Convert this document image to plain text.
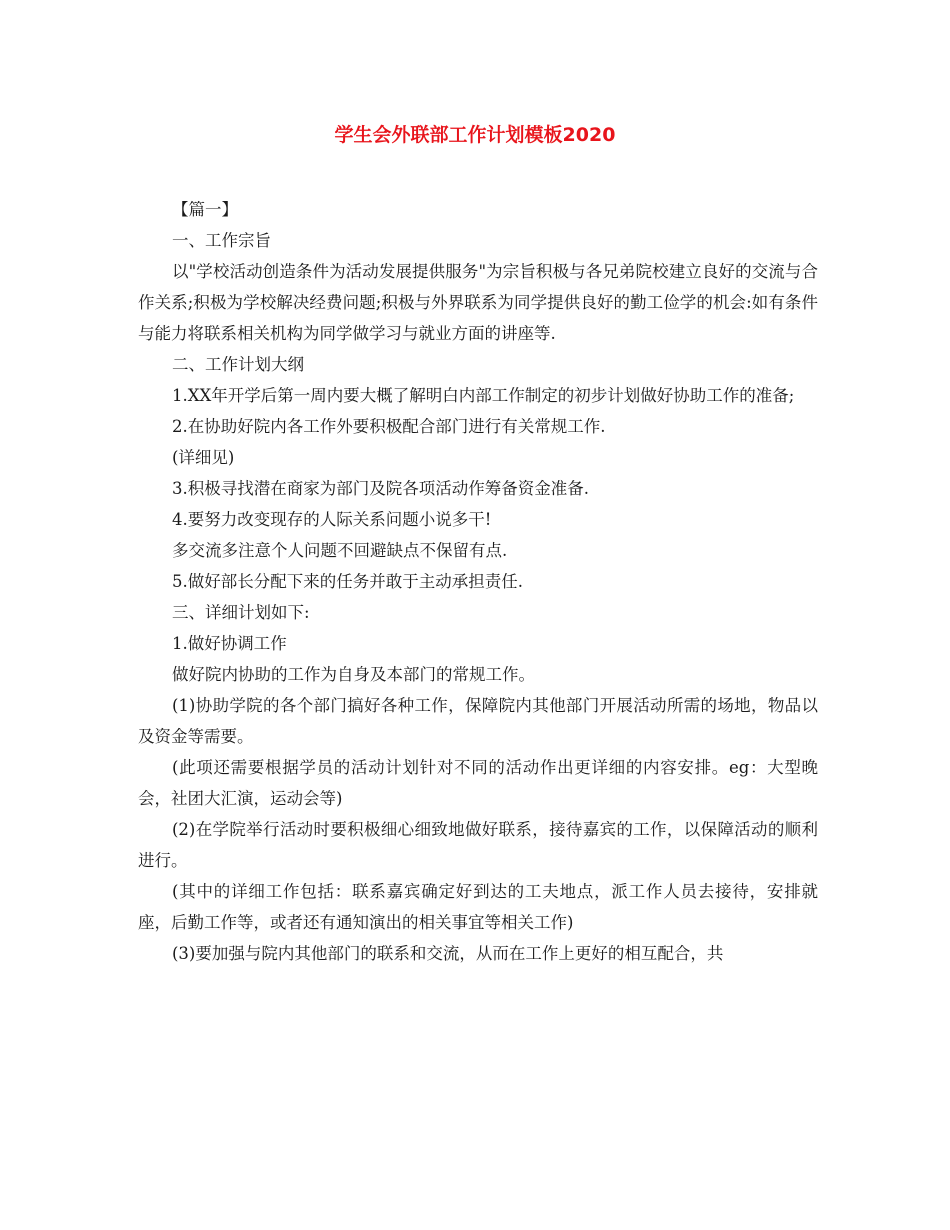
学生会外联部工作计划模板2020

【篇一】

一、工作宗旨

以"学校活动创造条件为活动发展提供服务"为宗旨积极与各兄弟院校建立良好的交流与合作关系;积极为学校解决经费问题;积极与外界联系为同学提供良好的勤工俭学的机会:如有条件与能力将联系相关机构为同学做学习与就业方面的讲座等.

二、工作计划大纲

1.XX年开学后第一周内要大概了解明白内部工作制定的初步计划做好协助工作的准备;

2.在协助好院内各工作外要积极配合部门进行有关常规工作.

(详细见)

3.积极寻找潜在商家为部门及院各项活动作筹备资金准备.

4.要努力改变现存的人际关系问题小说多干!

多交流多注意个人问题不回避缺点不保留有点.

5.做好部长分配下来的任务并敢于主动承担责任.

三、详细计划如下:

1.做好协调工作

做好院内协助的工作为自身及本部门的常规工作。

(1)协助学院的各个部门搞好各种工作，保障院内其他部门开展活动所需的场地，物品以及资金等需要。

(此项还需要根据学员的活动计划针对不同的活动作出更详细的内容安排。eg：大型晚会，社团大汇演，运动会等)

(2)在学院举行活动时要积极细心细致地做好联系，接待嘉宾的工作，以保障活动的顺利进行。

(其中的详细工作包括：联系嘉宾确定好到达的工夫地点，派工作人员去接待，安排就座，后勤工作等，或者还有通知演出的相关事宜等相关工作)

(3)要加强与院内其他部门的联系和交流，从而在工作上更好的相互配合，共
